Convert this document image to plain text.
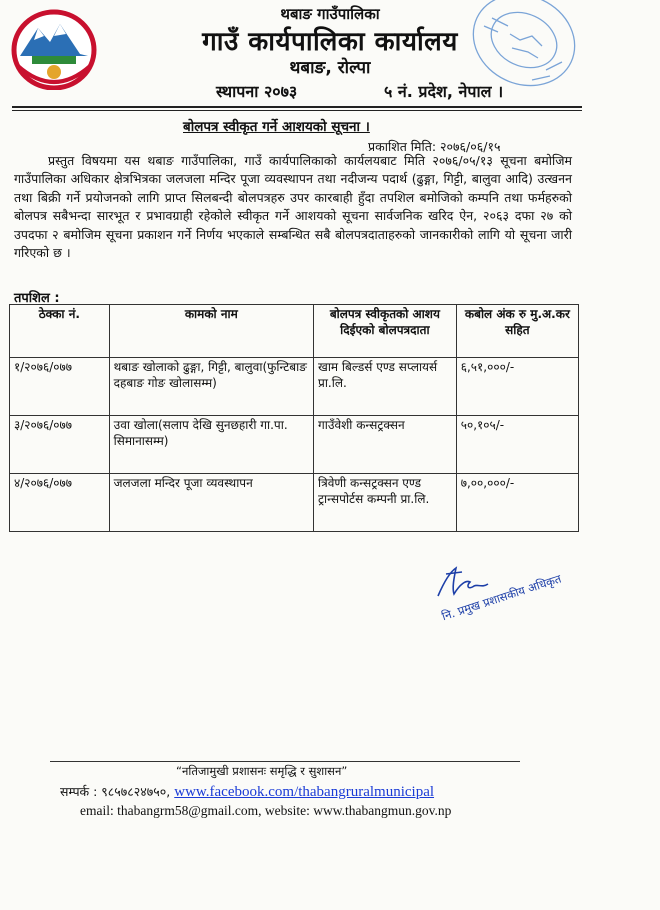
थबाङ गाउँपालिका
गाउँ कार्यपालिका कार्यालय
थबाङ, रोल्पा
स्थापना २०७३	५ नं. प्रदेश, नेपाल ।
बोलपत्र स्वीकृत गर्ने आशयको सूचना ।
प्रकाशित मिति: २०७६/०६/१५
प्रस्तुत विषयमा यस थबाङ गाउँपालिका, गाउँ कार्यपालिकाको कार्यलयबाट मिति २०७६/०५/१३ सूचना बमोजिम गाउँपालिका अधिकार क्षेत्रभित्रका जलजला मन्दिर पूजा व्यवस्थापन तथा नदीजन्य पदार्थ (ढुङ्गा, गिट्टी, बालुवा आदि) उत्खनन तथा बिक्री गर्ने प्रयोजनको लागि प्राप्त सिलबन्दी बोलपत्रहरु उपर कारबाही हुँदा तपशिल बमोजिको कम्पनि तथा फर्महरुको बोलपत्र सबैभन्दा सारभूत र प्रभावग्राही रहेकोले स्वीकृत गर्ने आशयको सूचना सार्वजनिक खरिद ऐन, २०६३ दफा २७ को उपदफा २ बमोजिम सूचना प्रकाशन गर्ने निर्णय भएकाले सम्बन्धित सबै बोलपत्रदाताहरुको जानकारीको लागि यो सूचना जारी गरिएको छ ।
तपशिल :
ठेक्का नं.	कामको नाम	बोलपत्र स्वीकृतको आशय दिईएको बोलपत्रदाता	कबोल अंक रु मु.अ.कर सहित
१/२०७६/०७७	थबाङ खोलाको ढुङ्गा, गिट्टी, बालुवा(फुन्टिबाङ दहबाङ गोङ खोलासम्म)	खाम बिल्डर्स एण्ड सप्लायर्स प्रा.लि.	६,५१,०००/-
३/२०७६/०७७	उवा खोला(सलाप देखि सुनछहारी गा.पा. सिमानासम्म)	गाउँवेशी कन्सट्रक्सन	५०,१०५/-
४/२०७६/०७७	जलजला मन्दिर पूजा व्यवस्थापन	त्रिवेणी कन्सट्रक्सन एण्ड ट्रान्सपोर्टस कम्पनी प्रा.लि.	७,००,०००/-
नि. प्रमुख प्रशासकीय अधिकृत
“नतिजामुखी प्रशासनः समृद्धि र सुशासन”
सम्पर्क : ९८५७८२४७५०, www.facebook.com/thabangruralmunicipal
email: thabangrm58@gmail.com, website: www.thabangmun.gov.np
